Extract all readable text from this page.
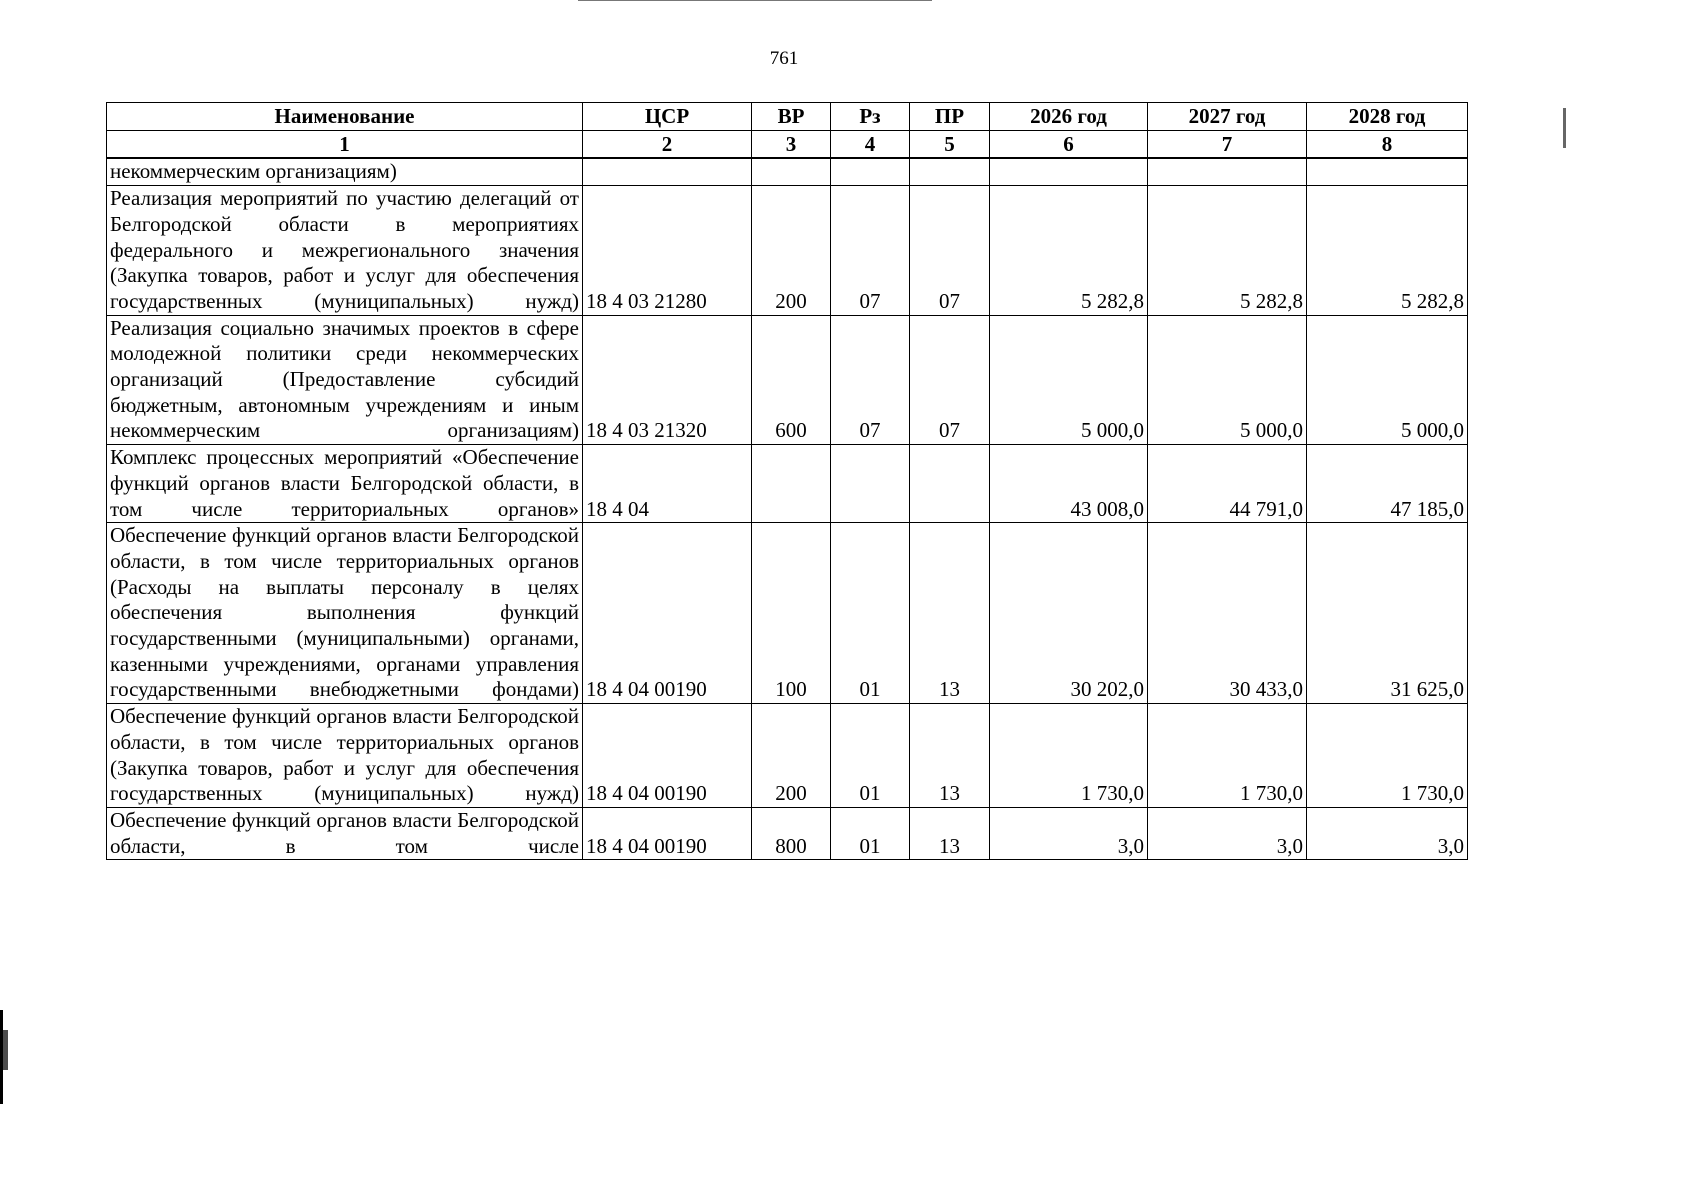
761
Наименование	ЦСР	ВР	Рз	ПР	2026 год	2027 год	2028 год
1	2	3	4	5	6	7	8
некоммерческим организациям)							
Реализация мероприятий по участию делегаций от Белгородской области в мероприятиях федерального и межрегионального значения (Закупка товаров, работ и услуг для обеспечения государственных (муниципальных) нужд)	18 4 03 21280	200	07	07	5 282,8	5 282,8	5 282,8
Реализация социально значимых проектов в сфере молодежной политики среди некоммерческих организаций (Предоставление субсидий бюджетным, автономным учреждениям и иным некоммерческим организациям)	18 4 03 21320	600	07	07	5 000,0	5 000,0	5 000,0
Комплекс процессных мероприятий «Обеспечение функций органов власти Белгородской области, в том числе территориальных органов»	18 4 04				43 008,0	44 791,0	47 185,0
Обеспечение функций органов власти Белгородской области, в том числе территориальных органов (Расходы на выплаты персоналу в целях обеспечения выполнения функций государственными (муниципальными) органами, казенными учреждениями, органами управления государственными внебюджетными фондами)	18 4 04 00190	100	01	13	30 202,0	30 433,0	31 625,0
Обеспечение функций органов власти Белгородской области, в том числе территориальных органов (Закупка товаров, работ и услуг для обеспечения государственных (муниципальных) нужд)	18 4 04 00190	200	01	13	1 730,0	1 730,0	1 730,0
Обеспечение функций органов власти Белгородской области, в том числе	18 4 04 00190	800	01	13	3,0	3,0	3,0
